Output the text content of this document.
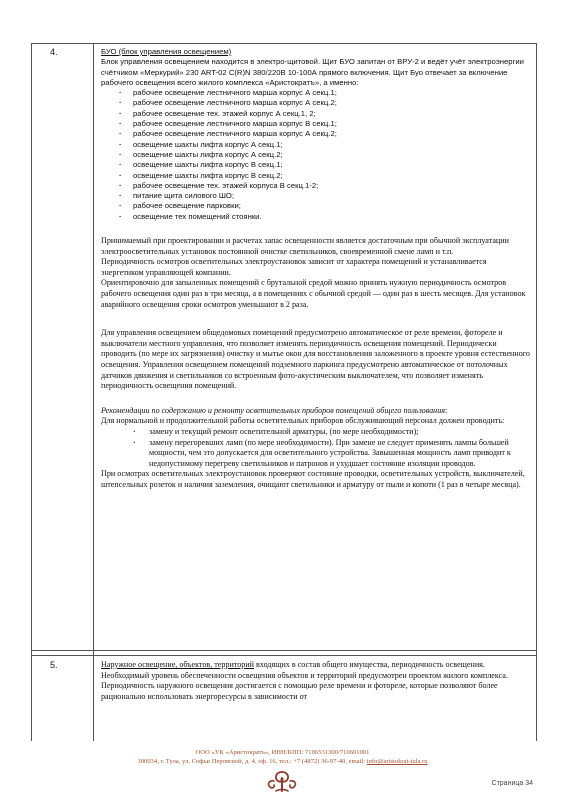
4.	БУО (блок управления освещением)

Блок управления освещением находится в электро-щитовой. Щит БУО запитан от ВРУ-2 и ведёт учёт электроэнергии счётчиком «Меркурий» 230 ART-02 C(R)N 380/220В 10-100А прямого включения. Щит Буо отвечает за включение рабочего освещения всего жилого комплекса «Аристократъ», а именно:

· рабочее освещение лестничного марша корпус А секц.1;
· рабочее освещение лестничного марша корпус А секц.2;
· рабочее освещение тех. этажей корпус А секц.1, 2;
· рабочее освещение лестничного марша корпус В секц.1;
· рабочее освещение лестничного марша корпус А секц.2;
· освещение шахты лифта корпус А секц.1;
· освещение шахты лифта корпус А секц.2;
· освещение шахты лифта корпус В секц.1;
· освещение шахты лифта корпус В секц.2;
· рабочее освещение тех. этажей корпуса В секц.1-2;
· питание щита силового ШО;
· рабочее освещение парковки;
· освещение тех помещений стоянки.

Принимаемый при проектировании и расчетах запас освещенности является достаточным при обычной эксплуатации электроосветительных установок постоянной очистке светильников, своевременной смене ламп и т.п.

Периодичность осмотров осветительных электроустановок зависит от характера помещений и устанавливается энергетиком управляющей компании.

Ориентировочно для запыленных помещений с брутальной средой можно принять нужную периодичность осмотров рабочего освещения один раз в три месяца, а в помещениях с обычной средой — один раз в шесть месяцев. Для установок аварийного освещения сроки осмотров уменьшают в 2 раза.

Для управления освещением общедомовых помещений предусмотрено автоматическое от реле времени, фотореле и выключатели местного управления, что позволяет изменять периодичность освещения помещений. Периодически проводить (по мере их загрязнения) очистку и мытье окон для восстановления заложенного в проекте уровня естественного освещения. Управления освещением помещений подземного паркинга предусмотрено автоматическое от потолочных датчиков движения и светильников со встроенным фото-акустическим выключателем, что позволяет изменять периодичность освещения помещений.

Рекомендации по содержанию и ремонту осветительных приборов помещений общего пользования:

Для нормальной и продолжительной работы осветительных приборов обслуживающий персонал должен проводить:

· замену и текущий ремонт осветительной арматуры, (по мере необходимости);
· замену перегоревших ламп (по мере необходимости). При замене не следует применять лампы большей мощности, чем это допускается для осветительного устройства. Завышенная мощность ламп приводит к недопустимому перегреву светильников и патронов и ухудшает состояние изоляции проводов.

При осмотрах осветительных электроустановок проверяют состояние проводки, осветительных устройств, выключателей, штепсельных розеток и наличия заземления, очищают светильники и арматуру от пыли и копоти (1 раз в четыре месяца).

5.	Наружное освещение, объектов, территорий входящих в состав общего имущества, периодичность освещения.

Необходимый уровень обеспеченности освещения объектов и территорий предусмотрен проектом жилого комплекса.

Периодичность наружного освещения достигается с помощью реле времени и фотореле, которые позволяют более рационально использовать энергоресурсы в зависимости от

ООО «УК «Аристократъ», ИНН/КПП: 7106531300/710601001
300034, г. Тула, ул. Софьи Перовской, д. 4, оф. 16, тел.: +7 (4872) 36-97-40, email: info@aristokrat-tula.ru
Страница 34
